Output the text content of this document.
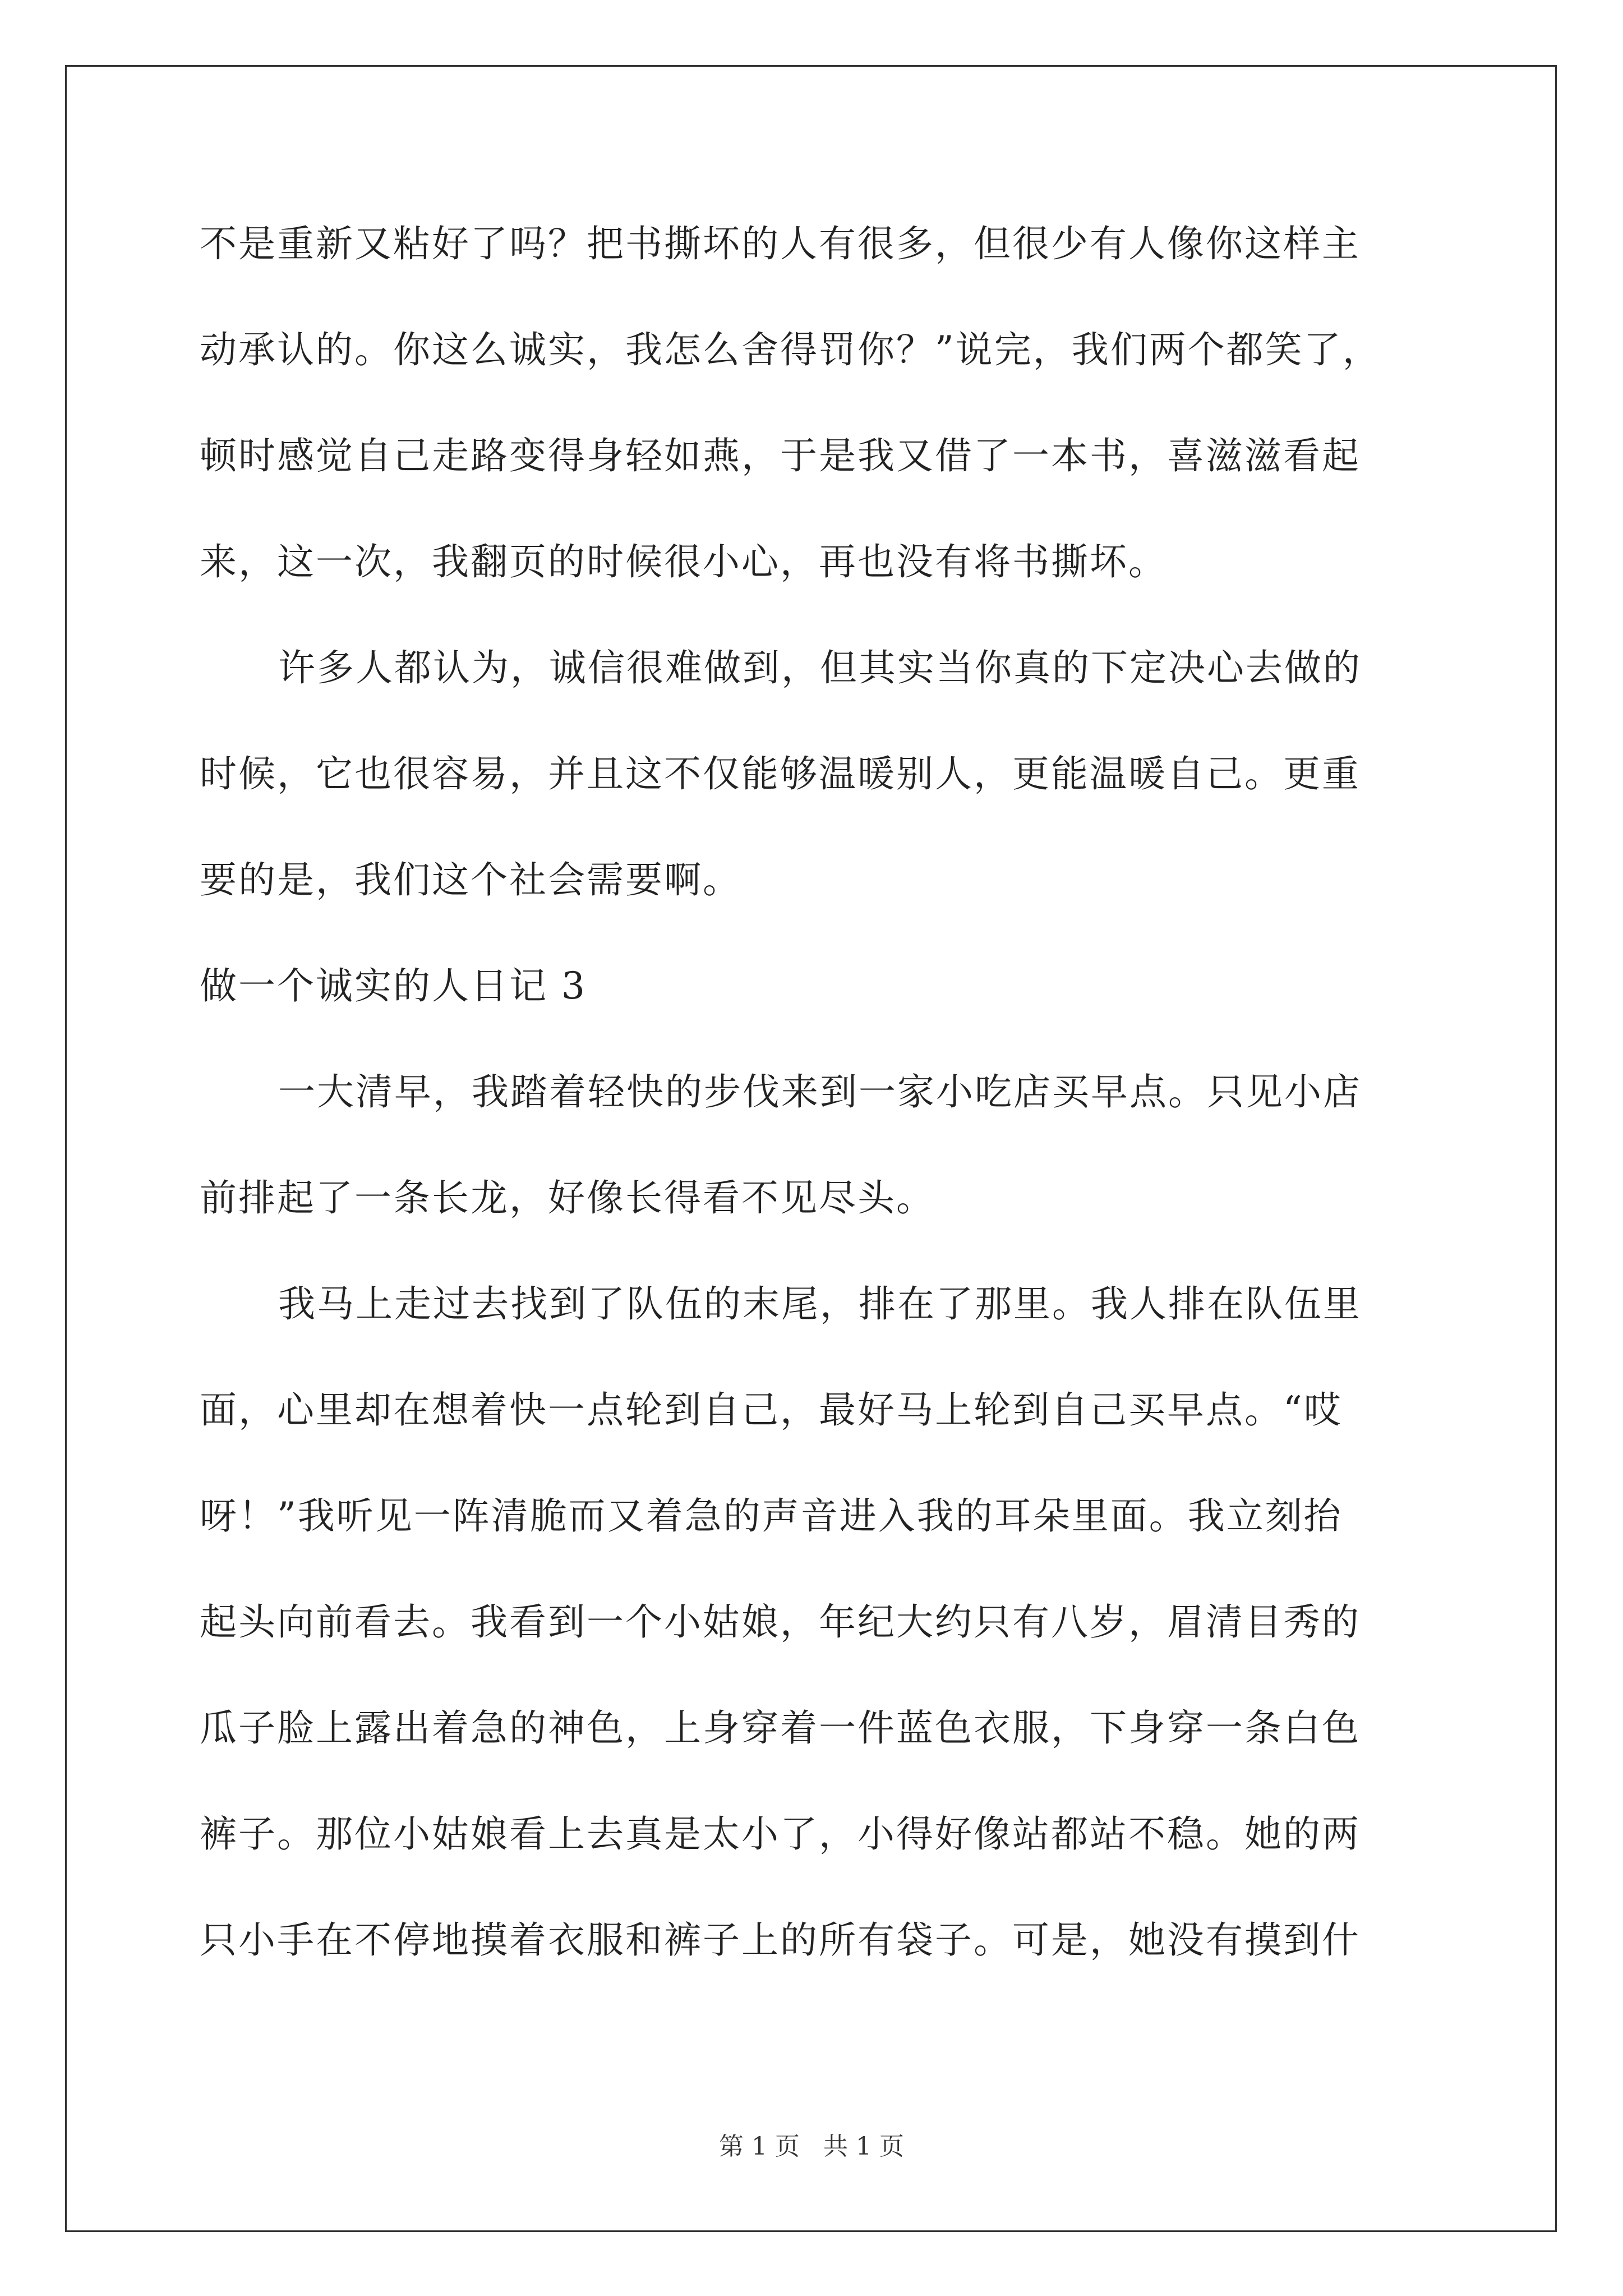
不是重新又粘好了吗？把书撕坏的人有很多，但很少有人像你这样主
动承认的。你这么诚实，我怎么舍得罚你？”说完，我们两个都笑了，
顿时感觉自己走路变得身轻如燕，于是我又借了一本书，喜滋滋看起
来，这一次，我翻页的时候很小心，再也没有将书撕坏。
许多人都认为，诚信很难做到，但其实当你真的下定决心去做的
时候，它也很容易，并且这不仅能够温暖别人，更能温暖自己。更重
要的是，我们这个社会需要啊。
做一个诚实的人日记 3
一大清早，我踏着轻快的步伐来到一家小吃店买早点。只见小店
前排起了一条长龙，好像长得看不见尽头。
我马上走过去找到了队伍的末尾，排在了那里。我人排在队伍里
面，心里却在想着快一点轮到自己，最好马上轮到自己买早点。“哎
呀！”我听见一阵清脆而又着急的声音进入我的耳朵里面。我立刻抬
起头向前看去。我看到一个小姑娘，年纪大约只有八岁，眉清目秀的
瓜子脸上露出着急的神色，上身穿着一件蓝色衣服，下身穿一条白色
裤子。那位小姑娘看上去真是太小了，小得好像站都站不稳。她的两
只小手在不停地摸着衣服和裤子上的所有袋子。可是，她没有摸到什
第 1 页   共 1 页
